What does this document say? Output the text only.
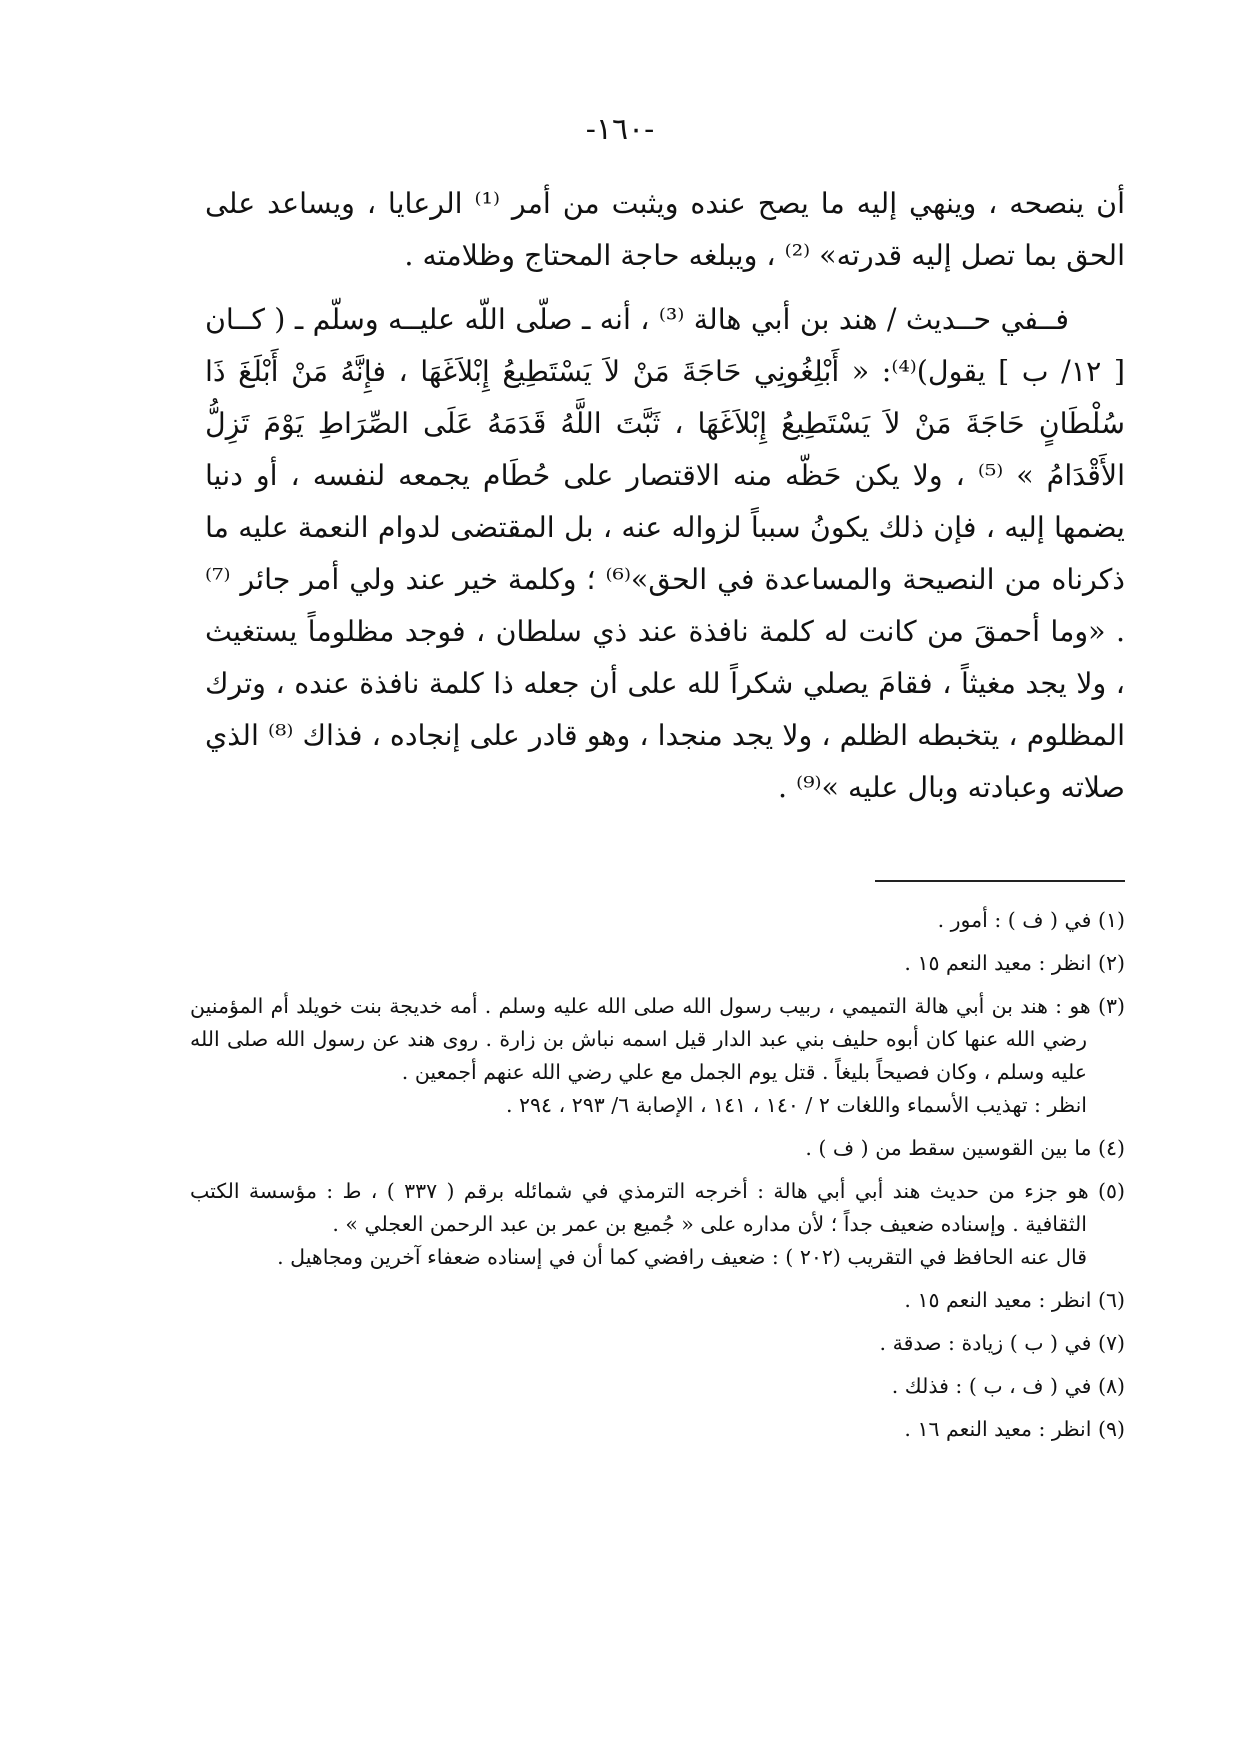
-١٦٠-

أن ينصحه ، وينهي إليه ما يصح عنده ويثبت من أمر ⁽¹⁾ الرعايا ، ويساعد على الحق بما تصل إليه قدرته» ⁽²⁾ ، ويبلغه حاجة المحتاج وظلامته .

فــفي حــديث / هند بن أبي هالة ⁽³⁾ ، أنه ـ صلّى اللّه عليــه وسلّم ـ ( كــان [ ١٢/ ب ] يقول)⁽⁴⁾: « أَبْلِغُونِي حَاجَةَ مَنْ لاَ يَسْتَطِيعُ إِبْلاَغَهَا ، فإِنَّهُ مَنْ أَبْلَغَ ذَا سُلْطَانٍ حَاجَةَ مَنْ لاَ يَسْتَطِيعُ إِبْلاَغَهَا ، ثَبَّتَ اللَّهُ قَدَمَهُ عَلَى الصِّرَاطِ يَوْمَ تَزِلُّ الأَقْدَامُ » ⁽⁵⁾ ، ولا يكن حَظّه منه الاقتصار على حُطَام يجمعه لنفسه ، أو دنيا يضمها إليه ، فإن ذلك يكونُ سبباً لزواله عنه ، بل المقتضى لدوام النعمة عليه ما ذكرناه من النصيحة والمساعدة في الحق»⁽⁶⁾ ؛ وكلمة خير عند ولي أمر جائر ⁽⁷⁾ . «وما أحمقَ من كانت له كلمة نافذة عند ذي سلطان ، فوجد مظلوماً يستغيث ، ولا يجد مغيثاً ، فقامَ يصلي شكراً لله على أن جعله ذا كلمة نافذة عنده ، وترك المظلوم ، يتخبطه الظلم ، ولا يجد منجدا ، وهو قادر على إنجاده ، فذاك ⁽⁸⁾ الذي صلاته وعبادته وبال عليه »⁽⁹⁾ .

(١) في ( ف ) : أمور .
(٢) انظر : معيد النعم ١٥ .
(٣) هو : هند بن أبي هالة التميمي ، ربيب رسول الله صلى الله عليه وسلم . أمه خديجة بنت خويلد أم المؤمنين رضي الله عنها كان أبوه حليف بني عبد الدار قيل اسمه نباش بن زارة . روى هند عن رسول الله صلى الله عليه وسلم ، وكان فصيحاً بليغاً . قتل يوم الجمل مع علي رضي الله عنهم أجمعين .
انظر : تهذيب الأسماء واللغات ٢ / ١٤٠ ، ١٤١ ، الإصابة ٦/ ٢٩٣ ، ٢٩٤ .
(٤) ما بين القوسين سقط من ( ف ) .
(٥) هو جزء من حديث هند أبي أبي هالة : أخرجه الترمذي في شمائله برقم ( ٣٣٧ ) ، ط : مؤسسة الكتب الثقافية . وإسناده ضعيف جداً ؛ لأن مداره على « جُميع بن عمر بن عبد الرحمن العجلي » .
قال عنه الحافظ في التقريب (٢٠٢ ) : ضعيف رافضي كما أن في إسناده ضعفاء آخرين ومجاهيل .
(٦) انظر : معيد النعم ١٥ .
(٧) في ( ب ) زيادة : صدقة .
(٨) في ( ف ، ب ) : فذلك .
(٩) انظر : معيد النعم ١٦ .
